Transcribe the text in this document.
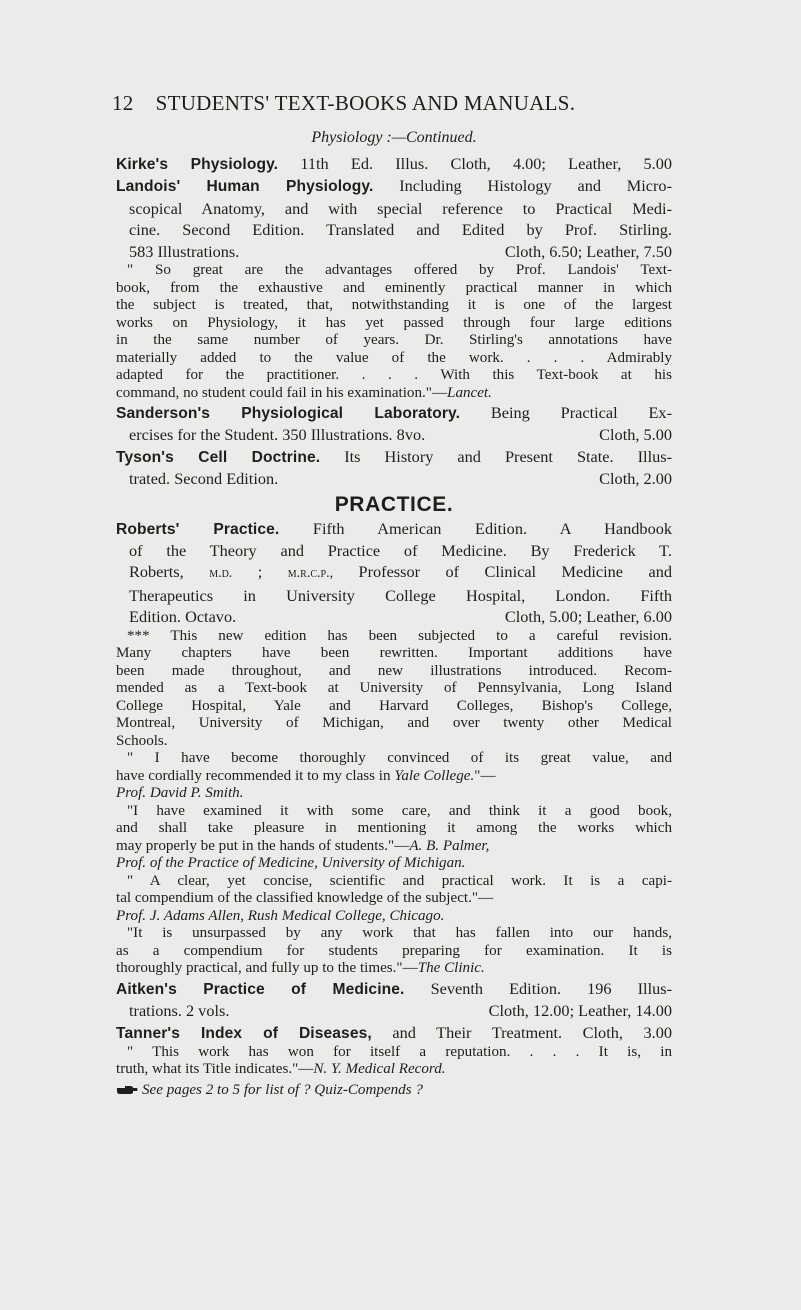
12 STUDENTS' TEXT-BOOKS AND MANUALS.
Physiology :—Continued.
Kirke's Physiology. 11th Ed. Illus. Cloth, 4.00; Leather, 5.00
Landois' Human Physiology. Including Histology and Micro-
scopical Anatomy, and with special reference to Practical Medi-
cine. Second Edition. Translated and Edited by Prof. Stirling.
583 Illustrations.	Cloth, 6.50; Leather, 7.50
" So great are the advantages offered by Prof. Landois' Text-
book, from the exhaustive and eminently practical manner in which
the subject is treated, that, notwithstanding it is one of the largest
works on Physiology, it has yet passed through four large editions
in the same number of years. Dr. Stirling's annotations have
materially added to the value of the work. . . . Admirably
adapted for the practitioner. . . . With this Text-book at his
command, no student could fail in his examination."—Lancet.
Sanderson's Physiological Laboratory. Being Practical Ex-
ercises for the Student. 350 Illustrations. 8vo.	Cloth, 5.00
Tyson's Cell Doctrine. Its History and Present State. Illus-
trated. Second Edition.	Cloth, 2.00
PRACTICE.
Roberts' Practice. Fifth American Edition. A Handbook
of the Theory and Practice of Medicine. By Frederick T.
Roberts, m.d. ; m.r.c.p., Professor of Clinical Medicine and
Therapeutics in University College Hospital, London. Fifth
Edition. Octavo.	Cloth, 5.00; Leather, 6.00
*** This new edition has been subjected to a careful revision.
Many chapters have been rewritten. Important additions have
been made throughout, and new illustrations introduced. Recom-
mended as a Text-book at University of Pennsylvania, Long Island
College Hospital, Yale and Harvard Colleges, Bishop's College,
Montreal, University of Michigan, and over twenty other Medical
Schools.
" I have become thoroughly convinced of its great value, and
have cordially recommended it to my class in Yale College."—
Prof. David P. Smith.
"I have examined it with some care, and think it a good book,
and shall take pleasure in mentioning it among the works which
may properly be put in the hands of students."—A. B. Palmer,
Prof. of the Practice of Medicine, University of Michigan.
" A clear, yet concise, scientific and practical work. It is a capi-
tal compendium of the classified knowledge of the subject."—
Prof. J. Adams Allen, Rush Medical College, Chicago.
"It is unsurpassed by any work that has fallen into our hands,
as a compendium for students preparing for examination. It is
thoroughly practical, and fully up to the times."—The Clinic.
Aitken's Practice of Medicine. Seventh Edition. 196 Illus-
trations. 2 vols.	Cloth, 12.00; Leather, 14.00
Tanner's Index of Diseases, and Their Treatment. Cloth, 3.00
" This work has won for itself a reputation. . . . It is, in
truth, what its Title indicates."—N. Y. Medical Record.
See pages 2 to 5 for list of ? Quiz-Compends ?
